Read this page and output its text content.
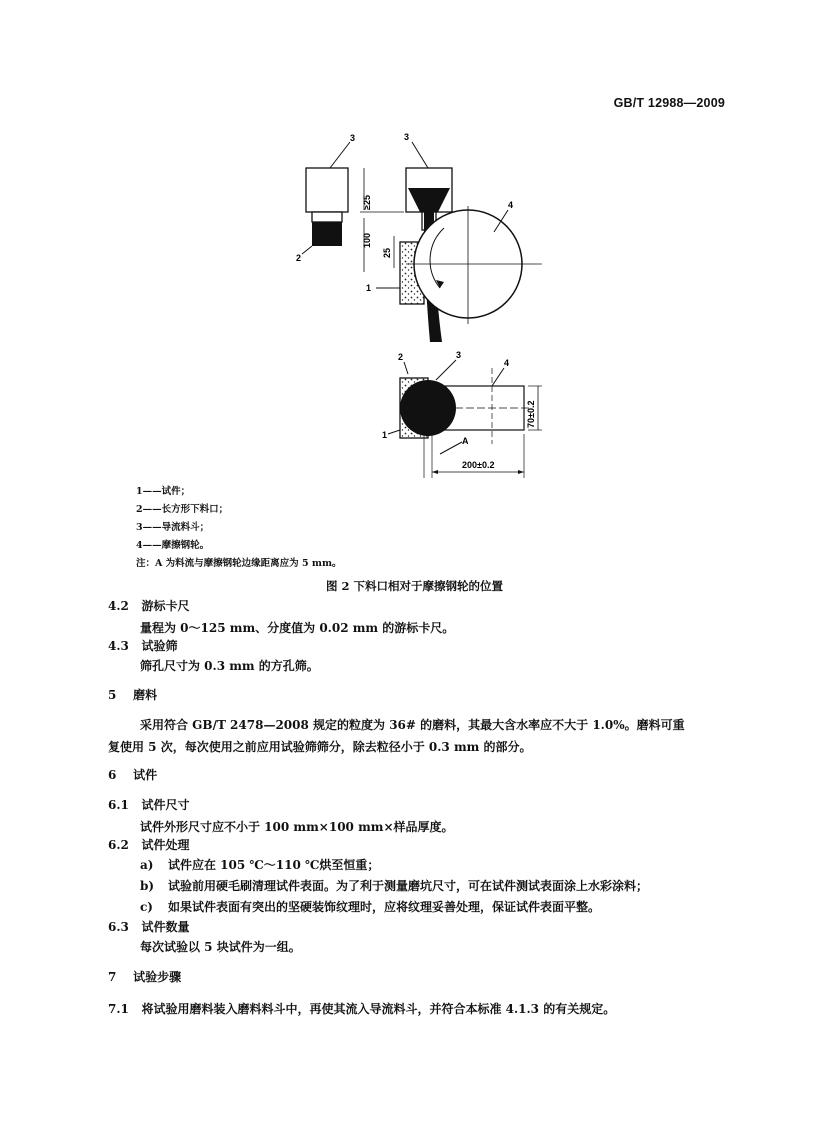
GB/T 12988—2009
3
2
3
≥25
100
25
1
4
图 2 下料口相对于摩擦钢轮的位置
1
2	3
4
70±0.2
A
200±0.2
1——试件；
2——长方形下料口；
3——导流料斗；
4——摩擦钢轮。
注：A 为料流与摩擦钢轮边缘距离应为 5 mm。
4.2 游标卡尺
量程为 0～125 mm、分度值为 0.02 mm 的游标卡尺。
4.3 试验筛
筛孔尺寸为 0.3 mm 的方孔筛。
5 磨料
采用符合 GB/T 2478—2008 规定的粒度为 36# 的磨料，其最大含水率应不大于 1.0%。磨料可重
复使用 5 次，每次使用之前应用试验筛筛分，除去粒径小于 0.3 mm 的部分。
6 试件
6.1 试件尺寸
试件外形尺寸应不小于 100 mm×100 mm×样品厚度。
6.2 试件处理
a) 试件应在 105 ℃～110 ℃烘至恒重；
b) 试验前用硬毛刷清理试件表面。为了利于测量磨坑尺寸，可在试件测试表面涂上水彩涂料；
c) 如果试件表面有突出的坚硬装饰纹理时，应将纹理妥善处理，保证试件表面平整。
6.3 试件数量
每次试验以 5 块试件为一组。
7 试验步骤
7.1 将试验用磨料装入磨料料斗中，再使其流入导流料斗，并符合本标准 4.1.3 的有关规定。
